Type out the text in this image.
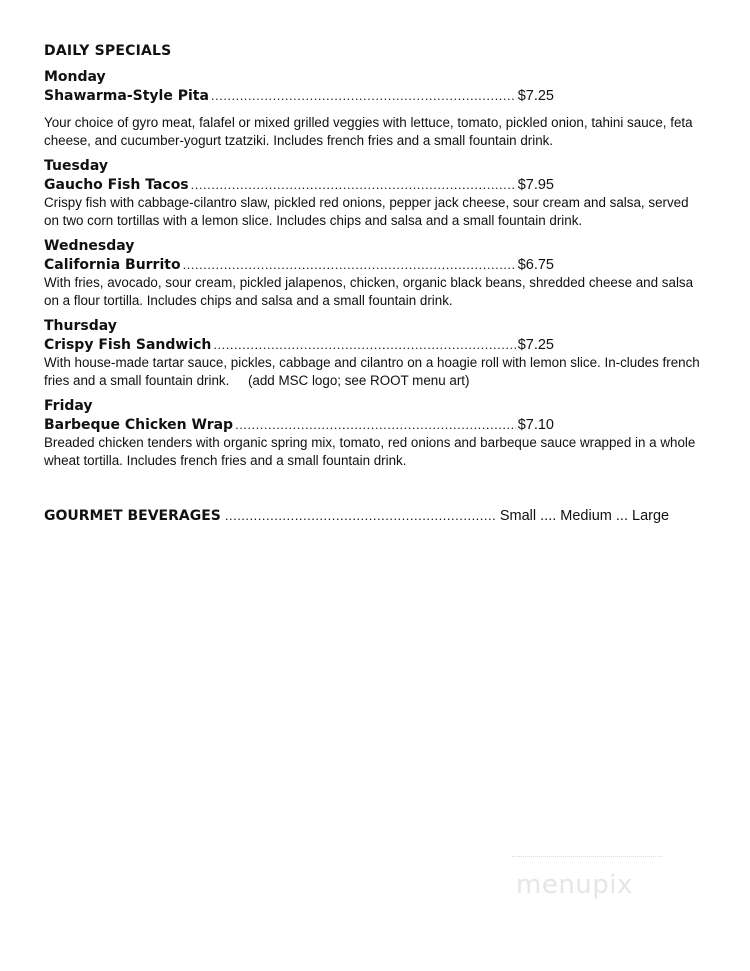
DAILY SPECIALS
Monday
Shawarma-Style Pita .....	$7.25
Your choice of gyro meat, falafel or mixed grilled veggies with lettuce, tomato, pickled onion, tahini sauce, feta cheese, and cucumber-yogurt tzatziki. Includes french fries and a small fountain drink.
Tuesday
Gaucho Fish Tacos .....	$7.95
Crispy fish with cabbage-cilantro slaw, pickled red onions, pepper jack cheese, sour cream and salsa, served on two corn tortillas with a lemon slice. Includes chips and salsa and a small fountain drink.
Wednesday
California Burrito .....	$6.75
With fries, avocado, sour cream, pickled jalapenos, chicken, organic black beans, shredded cheese and salsa on a flour tortilla. Includes chips and salsa and a small fountain drink.
Thursday
Crispy Fish Sandwich .....	$7.25
With house-made tartar sauce, pickles, cabbage and cilantro on a hoagie roll with lemon slice. In-cludes french fries and a small fountain drink. (add MSC logo; see ROOT menu art)
Friday
Barbeque Chicken Wrap .....	$7.10
Breaded chicken tenders with organic spring mix, tomato, red onions and barbeque sauce wrapped in a whole wheat tortilla. Includes french fries and a small fountain drink.
GOURMET BEVERAGES .....	Small .... Medium ... Large
menupix
